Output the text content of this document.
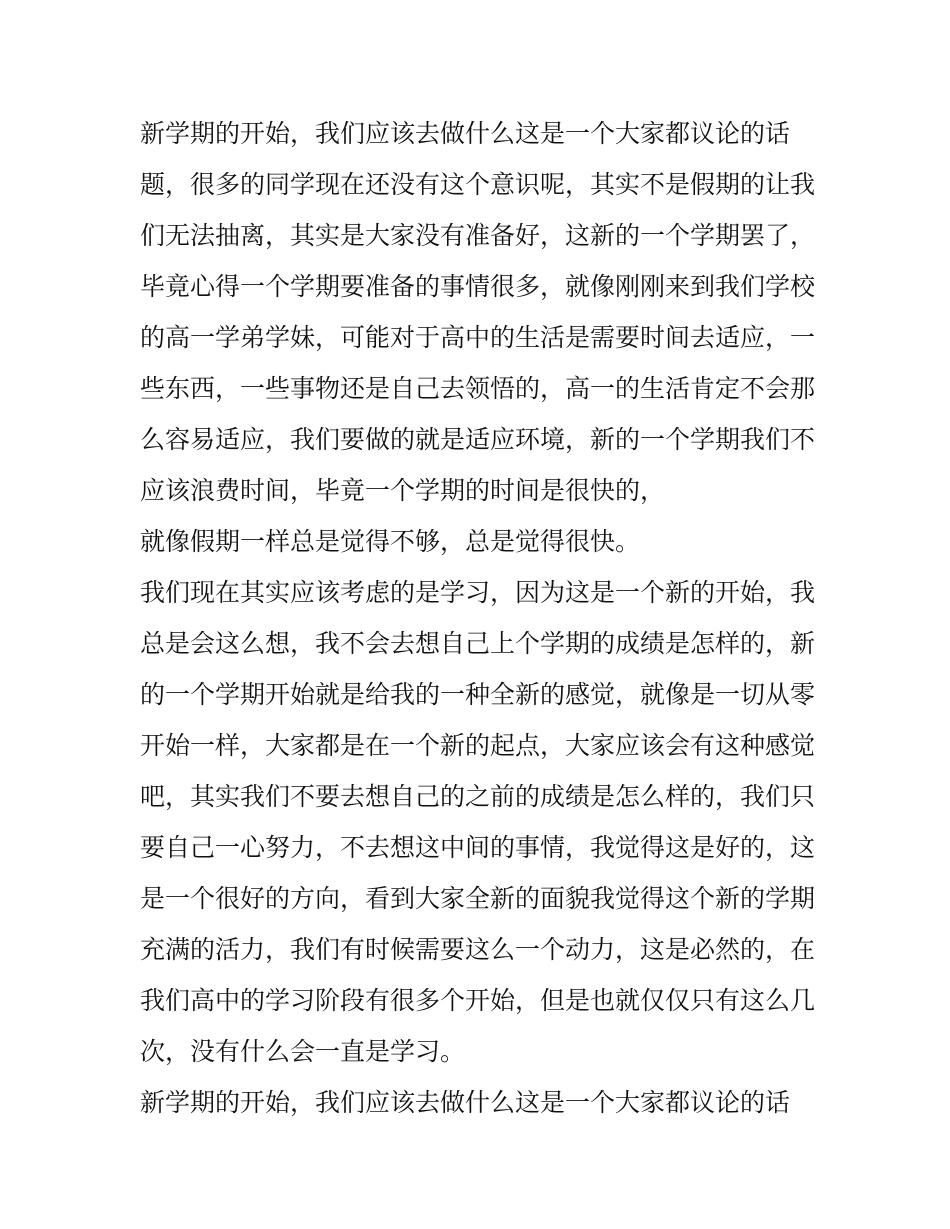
新学期的开始，我们应该去做什么这是一个大家都议论的话
题，很多的同学现在还没有这个意识呢，其实不是假期的让我
们无法抽离，其实是大家没有准备好，这新的一个学期罢了，
毕竟心得一个学期要准备的事情很多，就像刚刚来到我们学校
的高一学弟学妹，可能对于高中的生活是需要时间去适应，一
些东西，一些事物还是自己去领悟的，高一的生活肯定不会那
么容易适应，我们要做的就是适应环境，新的一个学期我们不
应该浪费时间，毕竟一个学期的时间是很快的，
就像假期一样总是觉得不够，总是觉得很快。
我们现在其实应该考虑的是学习，因为这是一个新的开始，我
总是会这么想，我不会去想自己上个学期的成绩是怎样的，新
的一个学期开始就是给我的一种全新的感觉，就像是一切从零
开始一样，大家都是在一个新的起点，大家应该会有这种感觉
吧，其实我们不要去想自己的之前的成绩是怎么样的，我们只
要自己一心努力，不去想这中间的事情，我觉得这是好的，这
是一个很好的方向，看到大家全新的面貌我觉得这个新的学期
充满的活力，我们有时候需要这么一个动力，这是必然的，在
我们高中的学习阶段有很多个开始，但是也就仅仅只有这么几
次，没有什么会一直是学习。
新学期的开始，我们应该去做什么这是一个大家都议论的话
